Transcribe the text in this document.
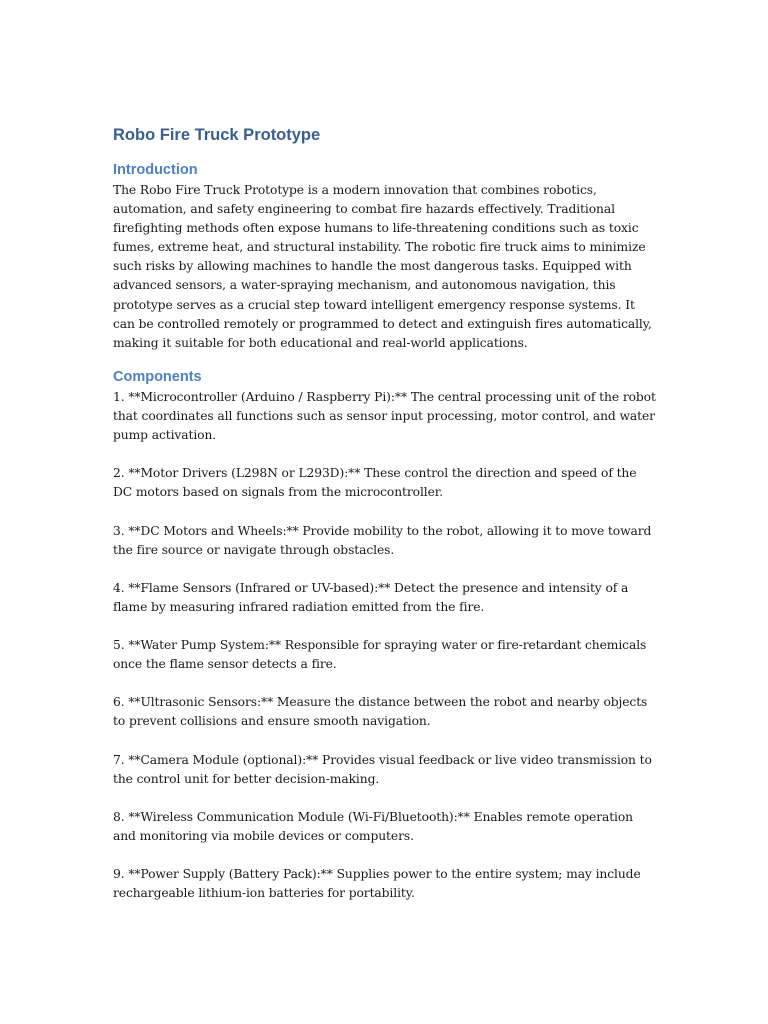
Robo Fire Truck Prototype
Introduction

The Robo Fire Truck Prototype is a modern innovation that combines robotics, automation, and safety engineering to combat fire hazards effectively. Traditional firefighting methods often expose humans to life-threatening conditions such as toxic fumes, extreme heat, and structural instability. The robotic fire truck aims to minimize such risks by allowing machines to handle the most dangerous tasks. Equipped with advanced sensors, a water-spraying mechanism, and autonomous navigation, this prototype serves as a crucial step toward intelligent emergency response systems. It can be controlled remotely or programmed to detect and extinguish fires automatically, making it suitable for both educational and real-world applications.

Components
1. **Microcontroller (Arduino / Raspberry Pi):** The central processing unit of the robot that coordinates all functions such as sensor input processing, motor control, and water pump activation.
2. **Motor Drivers (L298N or L293D):** These control the direction and speed of the DC motors based on signals from the microcontroller.
3. **DC Motors and Wheels:** Provide mobility to the robot, allowing it to move toward the fire source or navigate through obstacles.
4. **Flame Sensors (Infrared or UV-based):** Detect the presence and intensity of a flame by measuring infrared radiation emitted from the fire.
5. **Water Pump System:** Responsible for spraying water or fire-retardant chemicals once the flame sensor detects a fire.
6. **Ultrasonic Sensors:** Measure the distance between the robot and nearby objects to prevent collisions and ensure smooth navigation.
7. **Camera Module (optional):** Provides visual feedback or live video transmission to the control unit for better decision-making.
8. **Wireless Communication Module (Wi-Fi/Bluetooth):** Enables remote operation and monitoring via mobile devices or computers.
9. **Power Supply (Battery Pack):** Supplies power to the entire system; may include rechargeable lithium-ion batteries for portability.
